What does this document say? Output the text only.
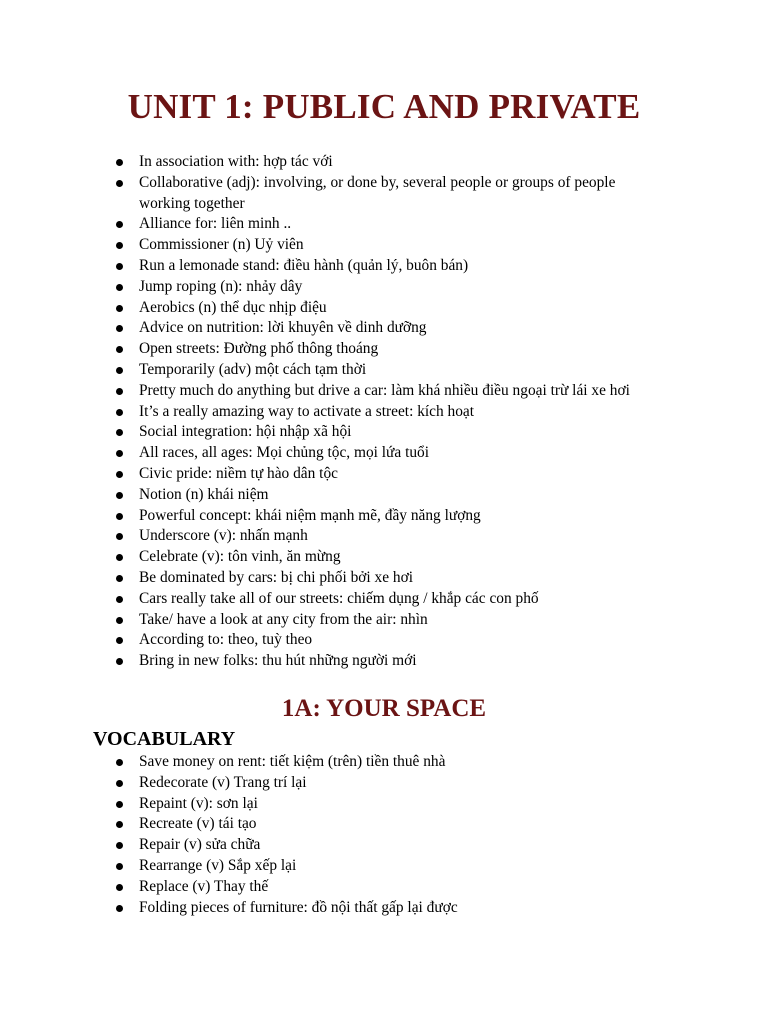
UNIT 1: PUBLIC AND PRIVATE
In association with: hợp tác với
Collaborative (adj): involving, or done by, several people or groups of people working together
Alliance for: liên minh ..
Commissioner (n) Uỷ viên
Run a lemonade stand: điều hành (quản lý, buôn bán)
Jump roping (n): nhảy dây
Aerobics (n) thể dục nhịp điệu
Advice on nutrition: lời khuyên về dinh dưỡng
Open streets: Đường phố thông thoáng
Temporarily (adv) một cách tạm thời
Pretty much do anything but drive a car: làm khá nhiều điều ngoại trừ lái xe hơi
It’s a really amazing way to activate a street: kích hoạt
Social integration: hội nhập xã hội
All races, all ages: Mọi chủng tộc, mọi lứa tuổi
Civic pride: niềm tự hào dân tộc
Notion (n) khái niệm
Powerful concept: khái niệm mạnh mẽ, đầy năng lượng
Underscore (v): nhấn mạnh
Celebrate (v): tôn vinh, ăn mừng
Be dominated by cars: bị chi phối bởi xe hơi
Cars really take all of our streets: chiếm dụng / khắp các con phố
Take/ have a look at any city from the air: nhìn
According to: theo, tuỳ theo
Bring in new folks: thu hút những người mới
1A: YOUR SPACE
VOCABULARY
Save money on rent: tiết kiệm (trên) tiền thuê nhà
Redecorate (v) Trang trí lại
Repaint (v): sơn lại
Recreate (v) tái tạo
Repair (v) sửa chữa
Rearrange (v) Sắp xếp lại
Replace (v) Thay thế
Folding pieces of furniture: đồ nội thất gấp lại được
